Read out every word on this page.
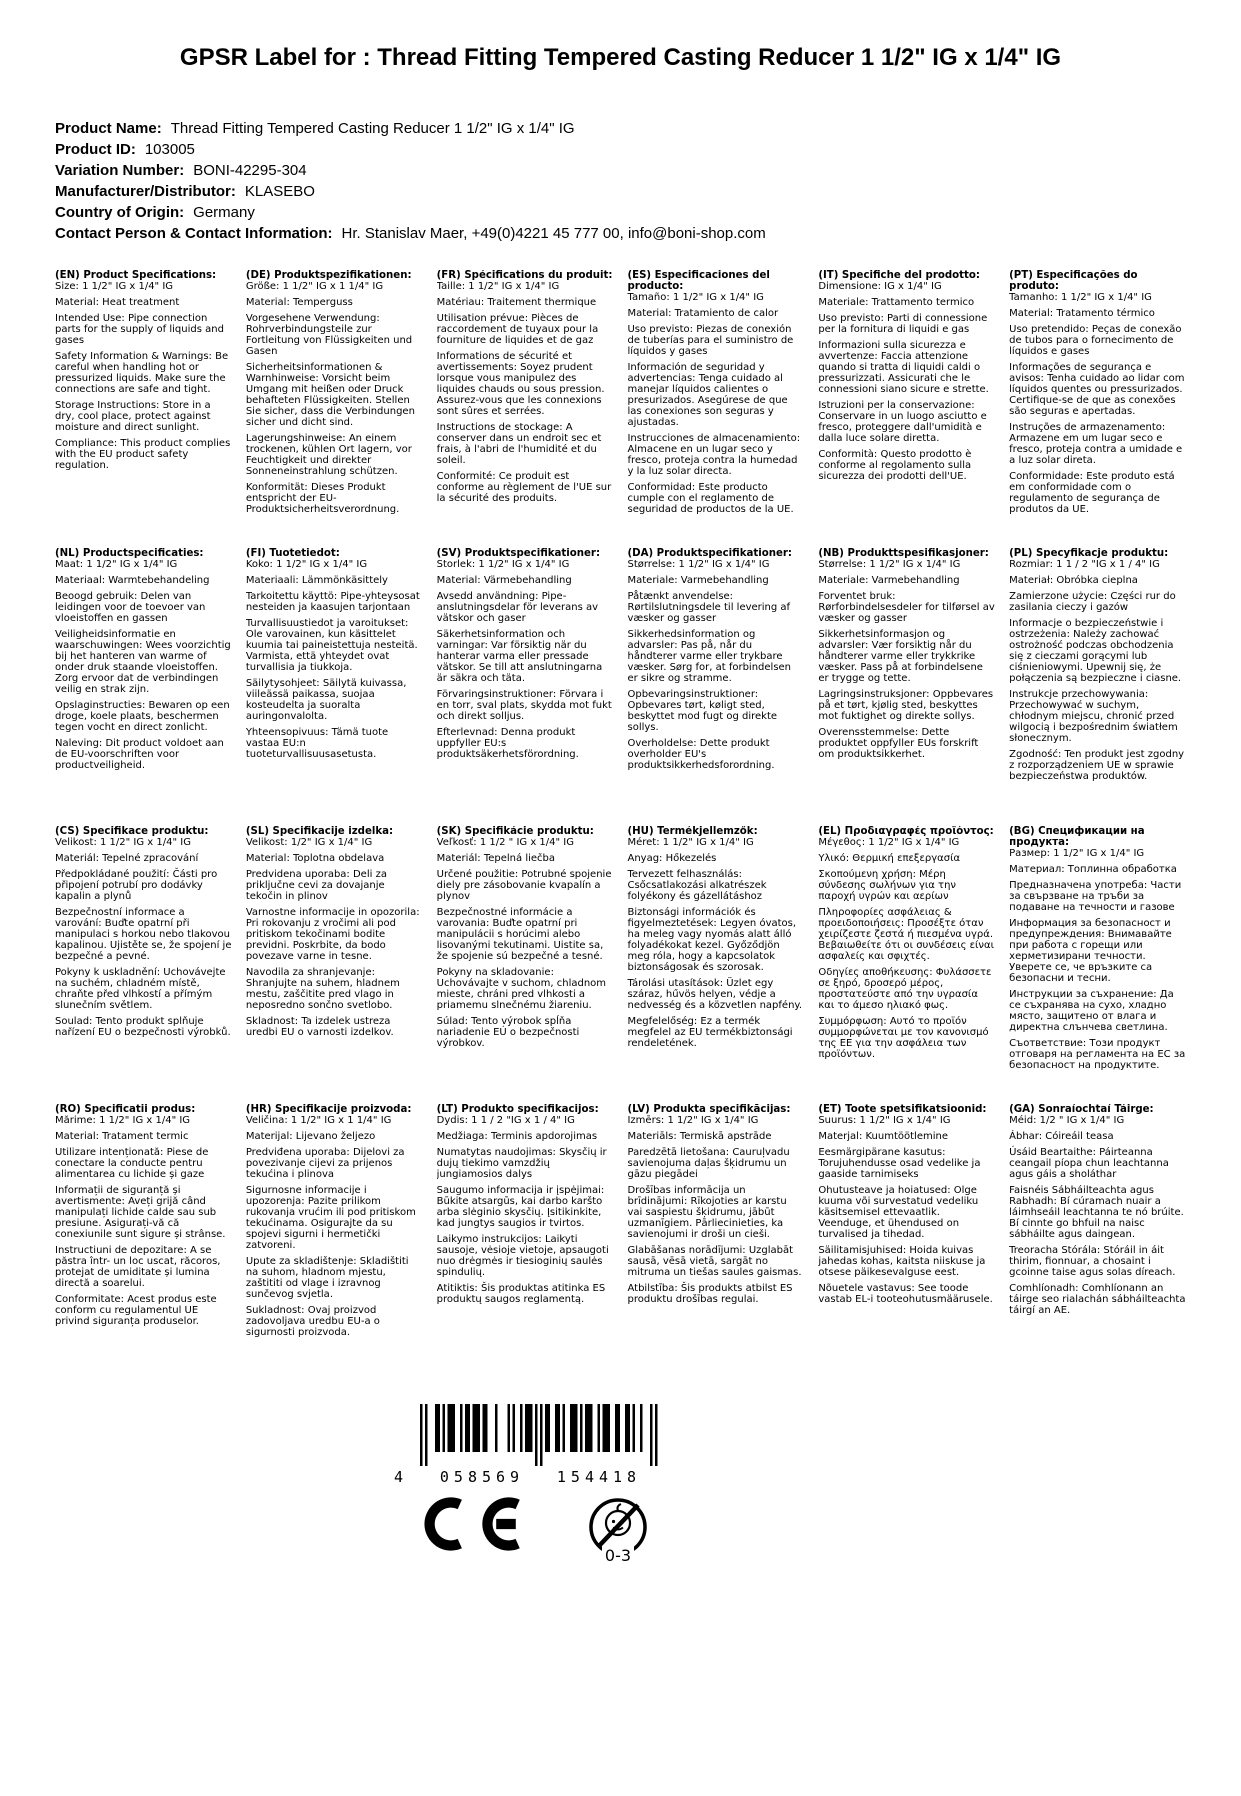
GPSR Label for : Thread Fitting Tempered Casting Reducer 1 1/2" IG x 1/4" IG
Product Name: Thread Fitting Tempered Casting Reducer 1 1/2" IG x 1/4" IG
Product ID: 103005
Variation Number: BONI-42295-304
Manufacturer/Distributor: KLASEBO
Country of Origin: Germany
Contact Person & Contact Information: Hr. Stanislav Maer, +49(0)4221 45 777 00, info@boni-shop.com
(EN) Product Specifications:

Size: 1 1/2" IG x 1/4" IG

Material: Heat treatment

Intended Use: Pipe connection parts for the supply of liquids and gases

Safety Information & Warnings: Be careful when handling hot or pressurized liquids. Make sure the connections are safe and tight.

Storage Instructions: Store in a dry, cool place, protect against moisture and direct sunlight.

Compliance: This product complies with the EU product safety regulation.

(DE) Produktspezifikationen:

Größe: 1 1/2" IG x 1 1/4" IG

Material: Temperguss

Vorgesehene Verwendung: Rohrverbindungsteile zur Fortleitung von Flüssigkeiten und Gasen

Sicherheitsinformationen & Warnhinweise: Vorsicht beim Umgang mit heißen oder Druck behafteten Flüssigkeiten. Stellen Sie sicher, dass die Verbindungen sicher und dicht sind.

Lagerungshinweise: An einem trockenen, kühlen Ort lagern, vor Feuchtigkeit und direkter Sonneneinstrahlung schützen.

Konformität: Dieses Produkt entspricht der EU-Produktsicherheitsverordnung.

(FR) Spécifications du produit:

Taille: 1 1/2" IG x 1/4" IG

Matériau: Traitement thermique

Utilisation prévue: Pièces de raccordement de tuyaux pour la fourniture de liquides et de gaz

Informations de sécurité et avertissements: Soyez prudent lorsque vous manipulez des liquides chauds ou sous pression. Assurez-vous que les connexions sont sûres et serrées.

Instructions de stockage: A conserver dans un endroit sec et frais, à l'abri de l'humidité et du soleil.

Conformité: Ce produit est conforme au règlement de l'UE sur la sécurité des produits.

(ES) Especificaciones del producto:

Tamaño: 1 1/2" IG x 1/4" IG

Material: Tratamiento de calor

Uso previsto: Piezas de conexión de tuberías para el suministro de líquidos y gases

Información de seguridad y advertencias: Tenga cuidado al manejar líquidos calientes o presurizados. Asegúrese de que las conexiones son seguras y ajustadas.

Instrucciones de almacenamiento: Almacene en un lugar seco y fresco, proteja contra la humedad y la luz solar directa.

Conformidad: Este producto cumple con el reglamento de seguridad de productos de la UE.

(IT) Specifiche del prodotto:

Dimensione: IG x 1/4" IG

Materiale: Trattamento termico

Uso previsto: Parti di connessione per la fornitura di liquidi e gas

Informazioni sulla sicurezza e avvertenze: Faccia attenzione quando si tratta di liquidi caldi o pressurizzati. Assicurati che le connessioni siano sicure e strette.

Istruzioni per la conservazione: Conservare in un luogo asciutto e fresco, proteggere dall'umidità e dalla luce solare diretta.

Conformità: Questo prodotto è conforme al regolamento sulla sicurezza dei prodotti dell'UE.

(PT) Especificações do produto:

Tamanho: 1 1/2" IG x 1/4" IG

Material: Tratamento térmico

Uso pretendido: Peças de conexão de tubos para o fornecimento de líquidos e gases

Informações de segurança e avisos: Tenha cuidado ao lidar com líquidos quentes ou pressurizados. Certifique-se de que as conexões são seguras e apertadas.

Instruções de armazenamento: Armazene em um lugar seco e fresco, proteja contra a umidade e a luz solar direta.

Conformidade: Este produto está em conformidade com o regulamento de segurança de produtos da UE.

(NL) Productspecificaties:

Maat: 1 1/2" IG x 1/4" IG

Materiaal: Warmtebehandeling

Beoogd gebruik: Delen van leidingen voor de toevoer van vloeistoffen en gassen

Veiligheidsinformatie en waarschuwingen: Wees voorzichtig bij het hanteren van warme of onder druk staande vloeistoffen. Zorg ervoor dat de verbindingen veilig en strak zijn.

Opslaginstructies: Bewaren op een droge, koele plaats, beschermen tegen vocht en direct zonlicht.

Naleving: Dit product voldoet aan de EU-voorschriften voor productveiligheid.

(FI) Tuotetiedot:

Koko: 1 1/2" IG x 1/4" IG

Materiaali: Lämmönkäsittely

Tarkoitettu käyttö: Pipe-yhteysosat nesteiden ja kaasujen tarjontaan

Turvallisuustiedot ja varoitukset: Ole varovainen, kun käsittelet kuumia tai paineistettuja nesteitä. Varmista, että yhteydet ovat turvallisia ja tiukkoja.

Säilytysohjeet: Säilytä kuivassa, viileässä paikassa, suojaa kosteudelta ja suoralta auringonvalolta.

Yhteensopivuus: Tämä tuote vastaa EU:n tuoteturvallisuusasetusta.

(SV) Produktspecifikationer:

Storlek: 1 1/2" IG x 1/4" IG

Material: Värmebehandling

Avsedd användning: Pipe-anslutningsdelar för leverans av vätskor och gaser

Säkerhetsinformation och varningar: Var försiktig när du hanterar varma eller pressade vätskor. Se till att anslutningarna är säkra och täta.

Förvaringsinstruktioner: Förvara i en torr, sval plats, skydda mot fukt och direkt solljus.

Efterlevnad: Denna produkt uppfyller EU:s produktsäkerhetsförordning.

(DA) Produktspecifikationer:

Størrelse: 1 1/2" IG x 1/4" IG

Materiale: Varmebehandling

Påtænkt anvendelse: Rørtilslutningsdele til levering af væsker og gasser

Sikkerhedsinformation og advarsler: Pas på, når du håndterer varme eller trykbare væsker. Sørg for, at forbindelsen er sikre og stramme.

Opbevaringsinstruktioner: Opbevares tørt, køligt sted, beskyttet mod fugt og direkte sollys.

Overholdelse: Dette produkt overholder EU's produktsikkerhedsforordning.

(NB) Produkttspesifikasjoner:

Størrelse: 1 1/2" IG x 1/4" IG

Materiale: Varmebehandling

Forventet bruk: Rørforbindelsesdeler for tilførsel av væsker og gasser

Sikkerhetsinformasjon og advarsler: Vær forsiktig når du håndterer varme eller trykkrike væsker. Pass på at forbindelsene er trygge og tette.

Lagringsinstruksjoner: Oppbevares på et tørt, kjølig sted, beskyttes mot fuktighet og direkte sollys.

Overensstemmelse: Dette produktet oppfyller EUs forskrift om produktsikkerhet.

(PL) Specyfikacje produktu:

Rozmiar: 1 1 / 2 "IG x 1 / 4" IG

Materiał: Obróbka cieplna

Zamierzone użycie: Części rur do zasilania cieczy i gazów

Informacje o bezpieczeństwie i ostrzeżenia: Należy zachować ostrożność podczas obchodzenia się z cieczami gorącymi lub ciśnieniowymi. Upewnij się, że połączenia są bezpieczne i ciasne.

Instrukcje przechowywania: Przechowywać w suchym, chłodnym miejscu, chronić przed wilgocią i bezpośrednim światłem słonecznym.

Zgodność: Ten produkt jest zgodny z rozporządzeniem UE w sprawie bezpieczeństwa produktów.

(CS) Specifikace produktu:

Velikost: 1 1/2" IG x 1/4" IG

Materiál: Tepelné zpracování

Předpokládané použití: Části pro připojení potrubí pro dodávky kapalin a plynů

Bezpečnostní informace a varování: Buďte opatrní při manipulaci s horkou nebo tlakovou kapalinou. Ujistěte se, že spojení je bezpečné a pevné.

Pokyny k uskladnění: Uchovávejte na suchém, chladném místě, chraňte před vlhkostí a přímým slunečním světlem.

Soulad: Tento produkt splňuje nařízení EU o bezpečnosti výrobků.

(SL) Specifikacije izdelka:

Velikost: 1/2" IG x 1/4" IG

Material: Toplotna obdelava

Predvidena uporaba: Deli za priključne cevi za dovajanje tekočin in plinov

Varnostne informacije in opozorila: Pri rokovanju z vročimi ali pod pritiskom tekočinami bodite previdni. Poskrbite, da bodo povezave varne in tesne.

Navodila za shranjevanje: Shranjujte na suhem, hladnem mestu, zaščitite pred vlago in neposredno sončno svetlobo.

Skladnost: Ta izdelek ustreza uredbi EU o varnosti izdelkov.

(SK) Špecifikácie produktu:

Veľkosť: 1 1/2 " IG x 1/4" IG

Materiál: Tepelná liečba

Určené použitie: Potrubné spojenie diely pre zásobovanie kvapalín a plynov

Bezpečnostné informácie a varovania: Buďte opatrní pri manipulácii s horúcimi alebo lisovanými tekutinami. Uistite sa, že spojenie sú bezpečné a tesné.

Pokyny na skladovanie: Uchovávajte v suchom, chladnom mieste, chráni pred vlhkosti a priamemu slnečnému žiareniu.

Súlad: Tento výrobok spĺňa nariadenie EÚ o bezpečnosti výrobkov.

(HU) Termékjellemzők:

Méret: 1 1/2" IG x 1/4" IG

Anyag: Hőkezelés

Tervezett felhasználás: Csőcsatlakozási alkatrészek folyékony és gázellátáshoz

Biztonsági információk és figyelmeztetések: Legyen óvatos, ha meleg vagy nyomás alatt álló folyadékokat kezel. Győződjön meg róla, hogy a kapcsolatok biztonságosak és szorosak.

Tárolási utasítások: Üzlet egy száraz, hűvös helyen, védje a nedvesség és a közvetlen napfény.

Megfelelőség: Ez a termék megfelel az EU termékbiztonsági rendeletének.

(EL) Προδιαγραφές προϊόντος:

Μέγεθος: 1 1/2" IG x 1/4" IG

Υλικό: Θερμική επεξεργασία

Σκοπούμενη χρήση: Μέρη σύνδεσης σωλήνων για την παροχή υγρών και αερίων

Πληροφορίες ασφάλειας & προειδοποιήσεις: Προσέξτε όταν χειρίζεστε ζεστά ή πιεσμένα υγρά. Βεβαιωθείτε ότι οι συνδέσεις είναι ασφαλείς και σφιχτές.

Οδηγίες αποθήκευσης: Φυλάσσετε σε ξηρό, δροσερό μέρος, προστατεύστε από την υγρασία και το άμεσο ηλιακό φως.

Συμμόρφωση: Αυτό το προϊόν συμμορφώνεται με τον κανονισμό της ΕΕ για την ασφάλεια των προϊόντων.

(BG) Спецификации на продукта:

Размер: 1 1/2" IG x 1/4" IG

Материал: Топлинна обработка

Предназначена употреба: Части за свързване на тръби за подаване на течности и газове

Информация за безопасност и предупреждения: Внимавайте при работа с горещи или херметизирани течности. Уверете се, че връзките са безопасни и тесни.

Инструкции за съхранение: Да се съхранява на сухо, хладно място, защитено от влага и директна слънчева светлина.

Съответствие: Този продукт отговаря на регламента на ЕС за безопасност на продуктите.

(RO) Specificatii produs:

Mărime: 1 1/2" IG x 1/4" IG

Material: Tratament termic

Utilizare intenționată: Piese de conectare la conducte pentru alimentarea cu lichide și gaze

Informații de siguranță și avertismente: Aveți grijă când manipulați lichide calde sau sub presiune. Asigurați-vă că conexiunile sunt sigure și strânse.

Instructiuni de depozitare: A se păstra într- un loc uscat, răcoros, protejat de umiditate și lumina directă a soarelui.

Conformitate: Acest produs este conform cu regulamentul UE privind siguranța produselor.

(HR) Specifikacije proizvoda:

Veličina: 1 1/2" IG x 1 1/4" IG

Materijal: Lijevano željezo

Predviđena uporaba: Dijelovi za povezivanje cijevi za prijenos tekućina i plinova

Sigurnosne informacije i upozorenja: Pazite prilikom rukovanja vrućim ili pod pritiskom tekućinama. Osigurajte da su spojevi sigurni i hermetički zatvoreni.

Upute za skladištenje: Skladištiti na suhom, hladnom mjestu, zaštititi od vlage i izravnog sunčevog svjetla.

Sukladnost: Ovaj proizvod zadovoljava uredbu EU-a o sigurnosti proizvoda.

(LT) Produkto specifikacijos:

Dydis: 1 1 / 2 "IG x 1 / 4" IG

Medžiaga: Terminis apdorojimas

Numatytas naudojimas: Skysčių ir dujų tiekimo vamzdžių jungiamosios dalys

Saugumo informacija ir įspėjimai: Būkite atsargūs, kai darbo karšto arba slėginio skysčių. Įsitikinkite, kad jungtys saugios ir tvirtos.

Laikymo instrukcijos: Laikyti sausoje, vėsioje vietoje, apsaugoti nuo drėgmės ir tiesioginių saulės spindulių.

Atitiktis: Šis produktas atitinka ES produktų saugos reglamentą.

(LV) Produkta specifikācijas:

Izmērs: 1 1/2" IG x 1/4" IG

Materiāls: Termiskā apstrāde

Paredzētā lietošana: Cauruļvadu savienojuma daļas šķidrumu un gāzu piegādei

Drošības informācija un brīdinājumi: Rīkojoties ar karstu vai saspiestu šķidrumu, jābūt uzmanīgiem. Pārliecinieties, ka savienojumi ir droši un cieši.

Glabāšanas norādījumi: Uzglabāt sausā, vēsā vietā, sargāt no mitruma un tiešas saules gaismas.

Atbilstība: Šis produkts atbilst ES produktu drošības regulai.

(ET) Toote spetsifikatsioonid:

Suurus: 1 1/2" IG x 1/4" IG

Materjal: Kuumtöötlemine

Eesmärgipärane kasutus: Torujuhendusse osad vedelike ja gaaside tarnimiseks

Ohutusteave ja hoiatused: Olge kuuma või survestatud vedeliku käsitsemisel ettevaatlik. Veenduge, et ühendused on turvalised ja tihedad.

Säilitamisjuhised: Hoida kuivas jahedas kohas, kaitsta niiskuse ja otsese päikesevalguse eest.

Nõuetele vastavus: See toode vastab EL-i tooteohutusmäärusele.

(GA) Sonraíochtaí Táirge:

Méid: 1/2 " IG x 1/4" IG

Ábhar: Cóireáil teasa

Úsáid Beartaithe: Páirteanna ceangail píopa chun leachtanna agus gáis a sholáthar

Faisnéis Sábháilteachta agus Rabhadh: Bí cúramach nuair a láimhseáil leachtanna te nó brúite. Bí cinnte go bhfuil na naisc sábháilte agus daingean.

Treoracha Stórála: Stóráil in áit thirim, fionnuar, a chosaint i gcoinne taise agus solas díreach.

Comhlíonadh: Comhlíonann an táirge seo rialachán sábháilteachta táirgí an AE.

4	058569	154418
0-3
